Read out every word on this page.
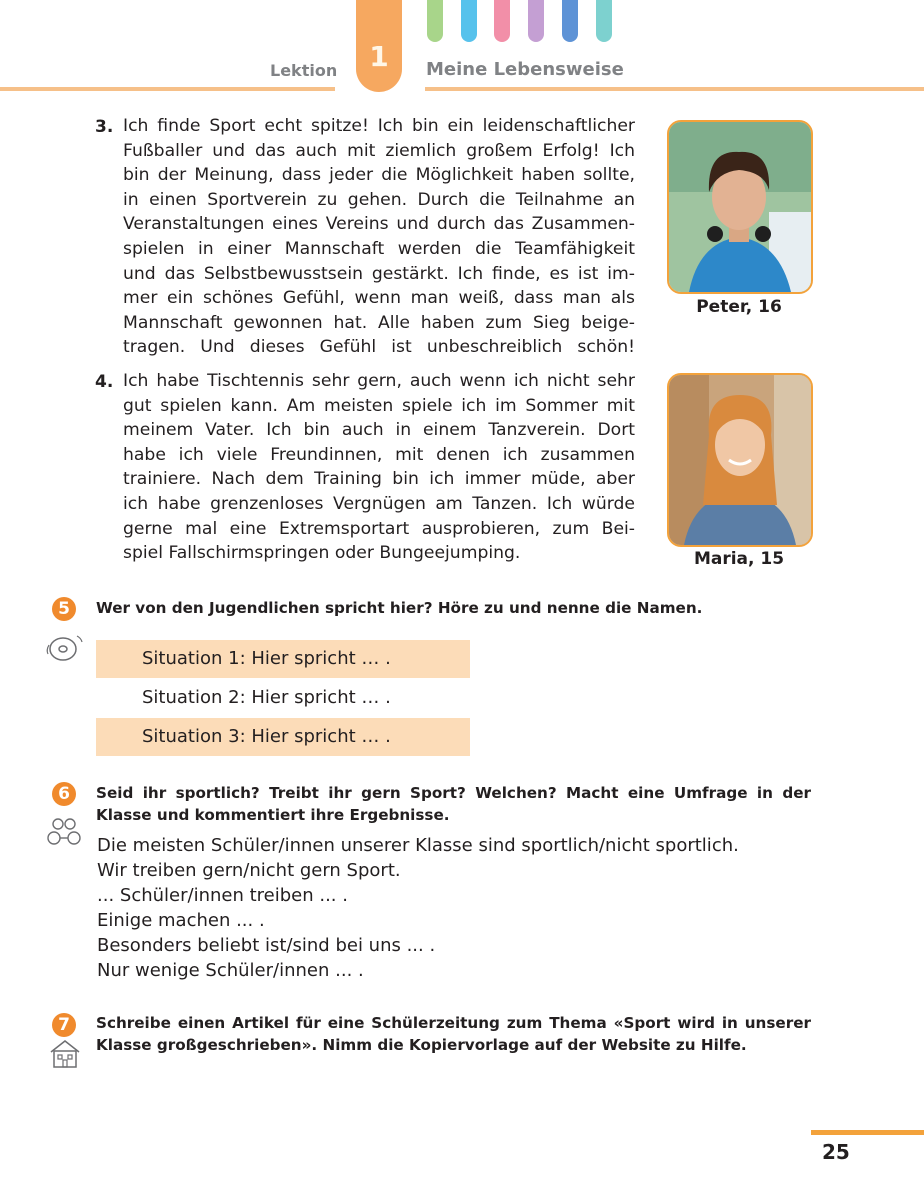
1
Lektion	Meine Lebensweise
3. Ich finde Sport echt spitze! Ich bin ein leidenschaftlicher
Fußballer und das auch mit ziemlich großem Erfolg! Ich
bin der Meinung, dass jeder die Möglichkeit haben sollte,
in einen Sportverein zu gehen. Durch die Teilnahme an
Veranstaltungen eines Vereins und durch das Zusammen-
spielen in einer Mannschaft werden die Teamfähigkeit
und das Selbstbewusstsein gestärkt. Ich finde, es ist im-
mer ein schönes Gefühl, wenn man weiß, dass man als
Mannschaft gewonnen hat. Alle haben zum Sieg beige-
tragen. Und dieses Gefühl ist unbeschreiblich schön!
Peter, 16
4. Ich habe Tischtennis sehr gern, auch wenn ich nicht sehr
gut spielen kann. Am meisten spiele ich im Sommer mit
meinem Vater. Ich bin auch in einem Tanzverein. Dort
habe ich viele Freundinnen, mit denen ich zusammen
trainiere. Nach dem Training bin ich immer müde, aber
ich habe grenzenloses Vergnügen am Tanzen. Ich würde
gerne mal eine Extremsportart ausprobieren, zum Bei-
spiel Fallschirmspringen oder Bungeejumping.	Maria, 15
5	Wer von den Jugendlichen spricht hier? Höre zu und nenne die Namen.
Situation 1: Hier spricht … .
Situation 2: Hier spricht … .
Situation 3: Hier spricht … .
6	Seid ihr sportlich? Treibt ihr gern Sport? Welchen? Macht eine Umfrage in der
Klasse und kommentiert ihre Ergebnisse.
Die meisten Schüler/innen unserer Klasse sind sportlich/nicht sportlich.
Wir treiben gern/nicht gern Sport.
... Schüler/innen treiben ... .
Einige machen ... .
Besonders beliebt ist/sind bei uns ... .
Nur wenige Schüler/innen ... .
7	Schreibe einen Artikel für eine Schülerzeitung zum Thema «Sport wird in unserer
Klasse großgeschrieben». Nimm die Kopiervorlage auf der Website zu Hilfe.
25
